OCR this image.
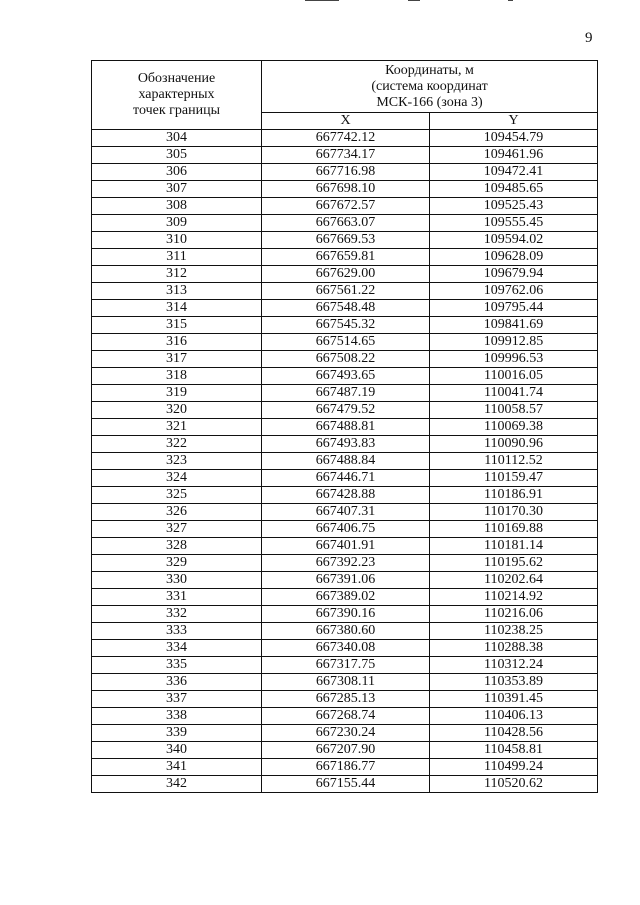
9
Обозначение
характерных
точек границы	Координаты, м
(система координат
МСК-166 (зона 3)	

	X	Y
304	667742.12	109454.79
305	667734.17	109461.96
306	667716.98	109472.41
307	667698.10	109485.65
308	667672.57	109525.43
309	667663.07	109555.45
310	667669.53	109594.02
311	667659.81	109628.09
312	667629.00	109679.94
313	667561.22	109762.06
314	667548.48	109795.44
315	667545.32	109841.69
316	667514.65	109912.85
317	667508.22	109996.53
318	667493.65	110016.05
319	667487.19	110041.74
320	667479.52	110058.57
321	667488.81	110069.38
322	667493.83	110090.96
323	667488.84	110112.52
324	667446.71	110159.47
325	667428.88	110186.91
326	667407.31	110170.30
327	667406.75	110169.88
328	667401.91	110181.14
329	667392.23	110195.62
330	667391.06	110202.64
331	667389.02	110214.92
332	667390.16	110216.06
333	667380.60	110238.25
334	667340.08	110288.38
335	667317.75	110312.24
336	667308.11	110353.89
337	667285.13	110391.45
338	667268.74	110406.13
339	667230.24	110428.56
340	667207.90	110458.81
341	667186.77	110499.24
342	667155.44	110520.62
